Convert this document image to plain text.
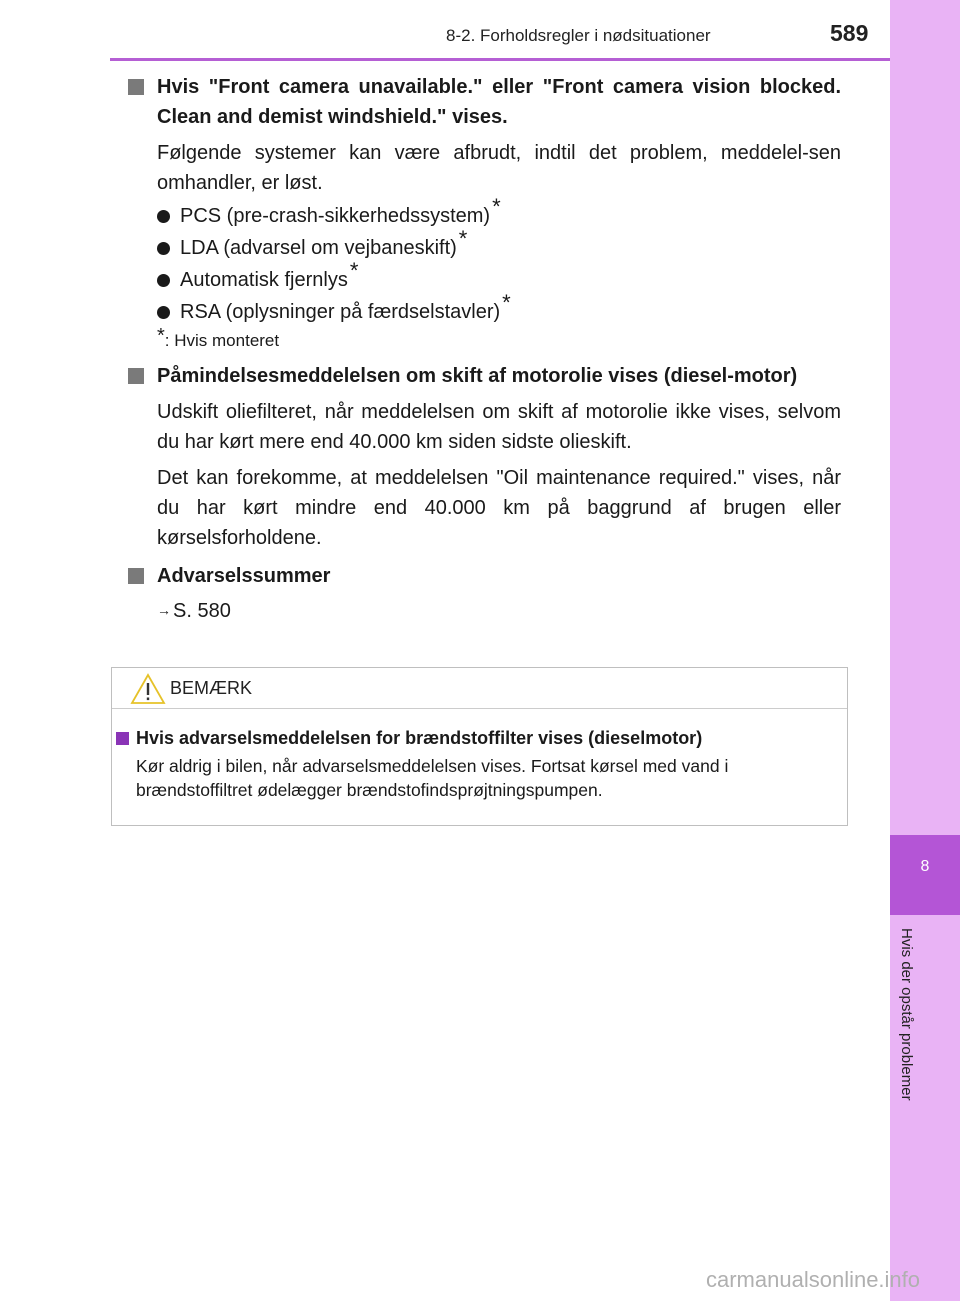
8-2. Forholdsregler i nødsituationer	589
8
Hvis der opstår problemer
Hvis "Front camera unavailable." eller "Front camera vision blocked. Clean and demist windshield." vises.
Følgende systemer kan være afbrudt, indtil det problem, meddelel-sen omhandler, er løst.
PCS (pre-crash-sikkerhedssystem) *
LDA (advarsel om vejbaneskift) *
Automatisk fjernlys *
RSA (oplysninger på færdselstavler) *
*: Hvis monteret
Påmindelsesmeddelelsen om skift af motorolie vises (diesel-motor)
Udskift oliefilteret, når meddelelsen om skift af motorolie ikke vises, selvom du har kørt mere end 40.000 km siden sidste olieskift.
Det kan forekomme, at meddelelsen "Oil maintenance required." vises, når du har kørt mindre end 40.000 km på baggrund af brugen eller kørselsforholdene.
Advarselssummer
→ S. 580
BEMÆRK
Hvis advarselsmeddelelsen for brændstoffilter vises (dieselmotor)
Kør aldrig i bilen, når advarselsmeddelelsen vises. Fortsat kørsel med vand i brændstoffiltret ødelægger brændstofindsprøjtningspumpen.
carmanualsonline.info
